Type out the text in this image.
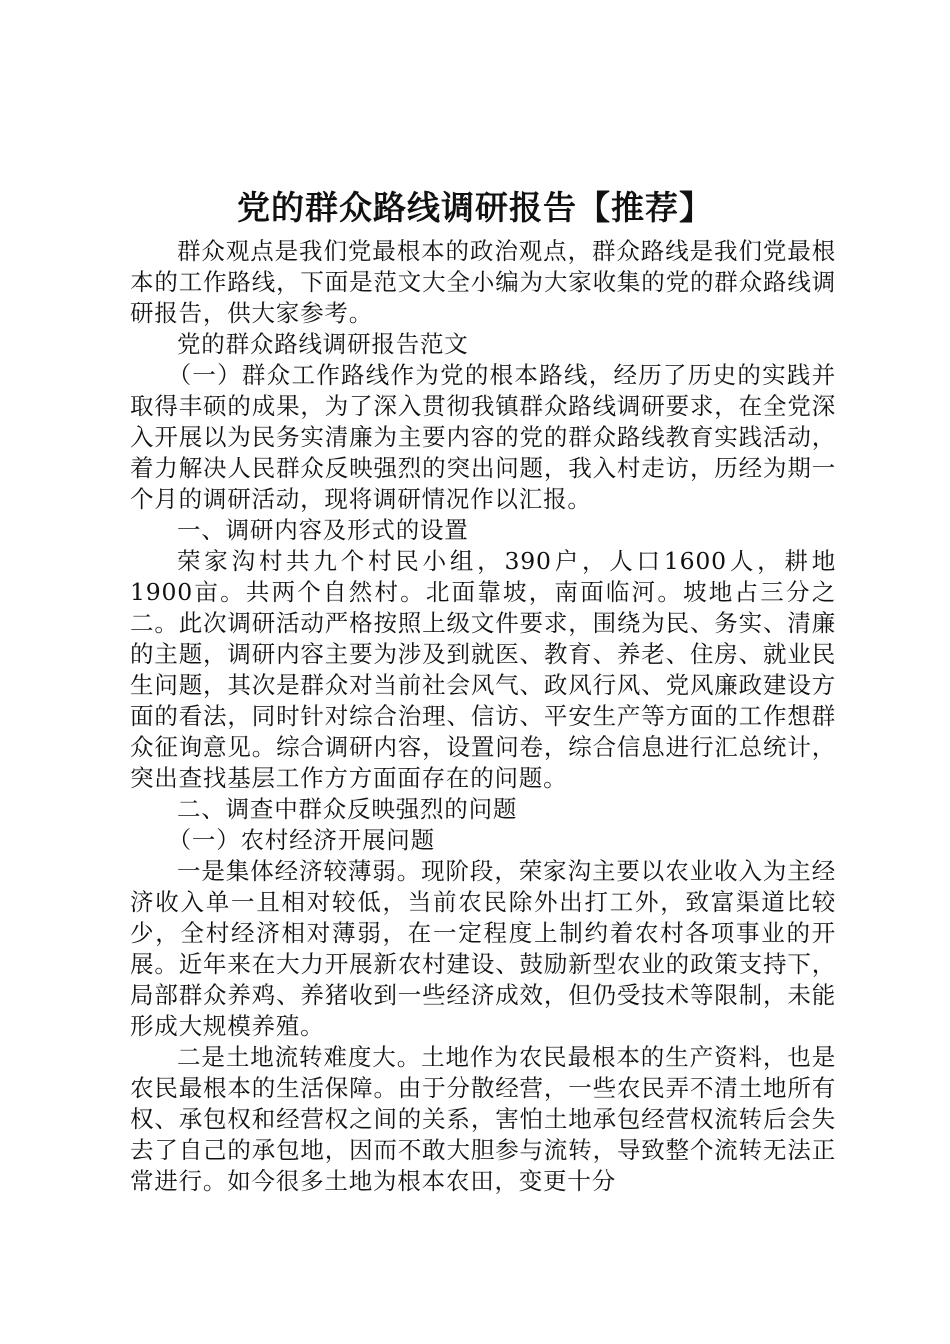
党的群众路线调研报告【推荐】

群众观点是我们党最根本的政治观点，群众路线是我们党最根本的工作路线，下面是范文大全小编为大家收集的党的群众路线调研报告，供大家参考。

党的群众路线调研报告范文

（一）群众工作路线作为党的根本路线，经历了历史的实践并取得丰硕的成果，为了深入贯彻我镇群众路线调研要求，在全党深入开展以为民务实清廉为主要内容的党的群众路线教育实践活动，着力解决人民群众反映强烈的突出问题，我入村走访，历经为期一个月的调研活动，现将调研情况作以汇报。

一、调研内容及形式的设置

荣家沟村共九个村民小组，390户，人口1600人，耕地1900亩。共两个自然村。北面靠坡，南面临河。坡地占三分之二。此次调研活动严格按照上级文件要求，围绕为民、务实、清廉的主题，调研内容主要为涉及到就医、教育、养老、住房、就业民生问题，其次是群众对当前社会风气、政风行风、党风廉政建设方面的看法，同时针对综合治理、信访、平安生产等方面的工作想群众征询意见。综合调研内容，设置问卷，综合信息进行汇总统计，突出查找基层工作方方面面存在的问题。

二、调查中群众反映强烈的问题

（一）农村经济开展问题

一是集体经济较薄弱。现阶段，荣家沟主要以农业收入为主经济收入单一且相对较低，当前农民除外出打工外，致富渠道比较少，全村经济相对薄弱，在一定程度上制约着农村各项事业的开展。近年来在大力开展新农村建设、鼓励新型农业的政策支持下，局部群众养鸡、养猪收到一些经济成效，但仍受技术等限制，未能形成大规模养殖。

二是土地流转难度大。土地作为农民最根本的生产资料，也是农民最根本的生活保障。由于分散经营，一些农民弄不清土地所有权、承包权和经营权之间的关系，害怕土地承包经营权流转后会失去了自己的承包地，因而不敢大胆参与流转，导致整个流转无法正常进行。如今很多土地为根本农田，变更十分
